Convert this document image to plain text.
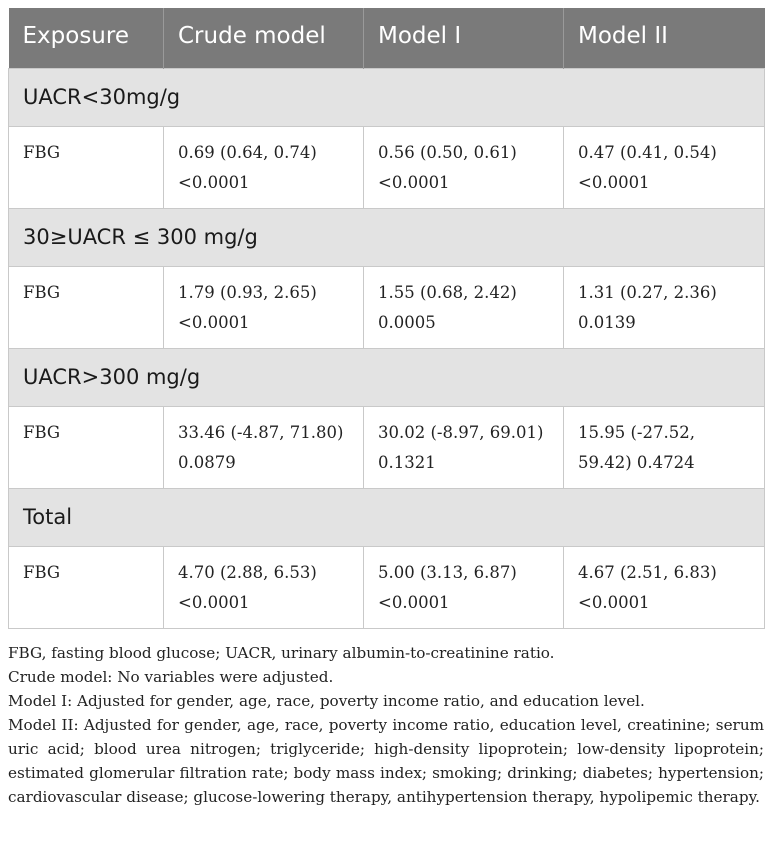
Exposure	Crude model	Model I	Model II
UACR<30mg/g			
FBG	0.69 (0.64, 0.74) <0.0001	0.56 (0.50, 0.61) <0.0001	0.47 (0.41, 0.54) <0.0001
30≥UACR ≤ 300 mg/g			
FBG	1.79 (0.93, 2.65) <0.0001	1.55 (0.68, 2.42) 0.0005	1.31 (0.27, 2.36) 0.0139
UACR>300 mg/g			
FBG	33.46 (-4.87, 71.80) 0.0879	30.02 (-8.97, 69.01) 0.1321	15.95 (-27.52, 59.42) 0.4724
Total			
FBG	4.70 (2.88, 6.53) <0.0001	5.00 (3.13, 6.87) <0.0001	4.67 (2.51, 6.83) <0.0001

FBG, fasting blood glucose; UACR, urinary albumin-to-creatinine ratio.

Crude model: No variables were adjusted.

Model I: Adjusted for gender, age, race, poverty income ratio, and education level.

Model II: Adjusted for gender, age, race, poverty income ratio, education level, creatinine; serum uric acid; blood urea nitrogen; triglyceride; high-density lipoprotein; low-density lipoprotein; estimated glomerular filtration rate; body mass index; smoking; drinking; diabetes; hypertension; cardiovascular disease; glucose-lowering therapy, antihypertension therapy, hypolipemic therapy.
